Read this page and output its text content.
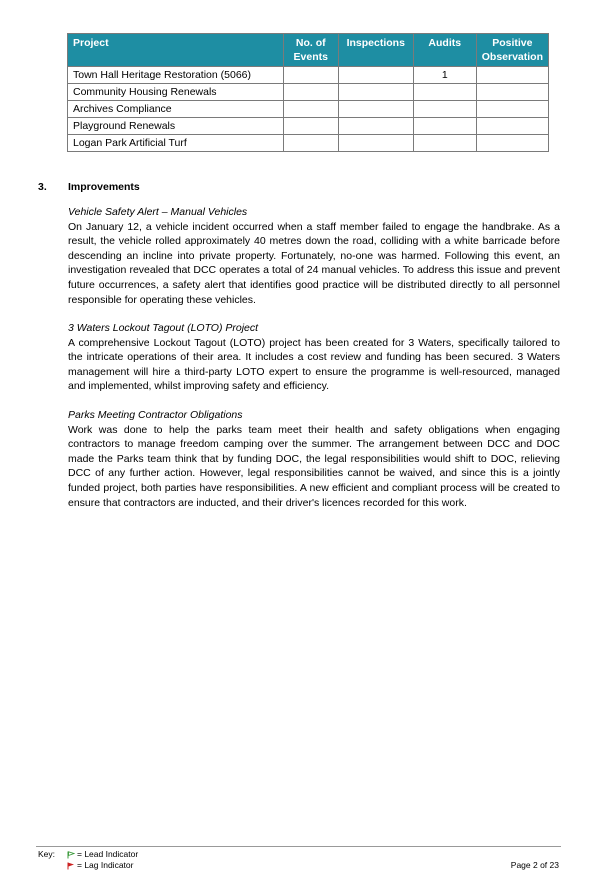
Project	No. of Events	Inspections	Audits	Positive Observation
Town Hall Heritage Restoration (5066)			1	
Community Housing Renewals				
Archives Compliance				
Playground Renewals				
Logan Park Artificial Turf				
3. Improvements

Vehicle Safety Alert – Manual Vehicles

On January 12, a vehicle incident occurred when a staff member failed to engage the handbrake. As a result, the vehicle rolled approximately 40 metres down the road, colliding with a white barricade before descending an incline into private property. Fortunately, no-one was harmed. Following this event, an investigation revealed that DCC operates a total of 24 manual vehicles. To address this issue and prevent future occurrences, a safety alert that identifies good practice will be distributed directly to all personnel responsible for operating these vehicles.

3 Waters Lockout Tagout (LOTO) Project

A comprehensive Lockout Tagout (LOTO) project has been created for 3 Waters, specifically tailored to the intricate operations of their area. It includes a cost review and funding has been secured. 3 Waters management will hire a third-party LOTO expert to ensure the programme is well-resourced, managed and implemented, whilst improving safety and efficiency.

Parks Meeting Contractor Obligations

Work was done to help the parks team meet their health and safety obligations when engaging contractors to manage freedom camping over the summer. The arrangement between DCC and DOC made the Parks team think that by funding DOC, the legal responsibilities would shift to DOC, relieving DCC of any further action. However, legal responsibilities cannot be waived, and since this is a jointly funded project, both parties have responsibilities. A new efficient and compliant process will be created to ensure that contractors are inducted, and their driver's licences recorded for this work.

Key:	= Lead Indicator
= Lag Indicator	Page 2 of 23
